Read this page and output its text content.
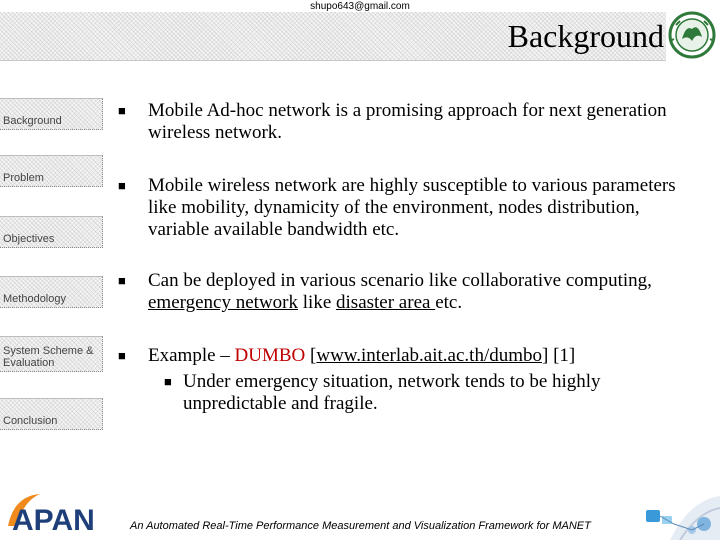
shupo643@gmail.com
Background
Background
Problem
Objectives
Methodology
System Scheme & Evaluation
Conclusion
■ Mobile Ad-hoc network is a promising approach for next generation wireless network.
■ Mobile wireless network are highly susceptible to various parameters like mobility, dynamicity of the environment, nodes distribution, variable available bandwidth etc.
■ Can be deployed in various scenario like collaborative computing, emergency network like disaster area etc.
■ Example – DUMBO [www.interlab.ait.ac.th/dumbo] [1]
■ Under emergency situation, network tends to be highly unpredictable and fragile.
APAN	An Automated Real-Time Performance Measurement and Visualization Framework for MANET
